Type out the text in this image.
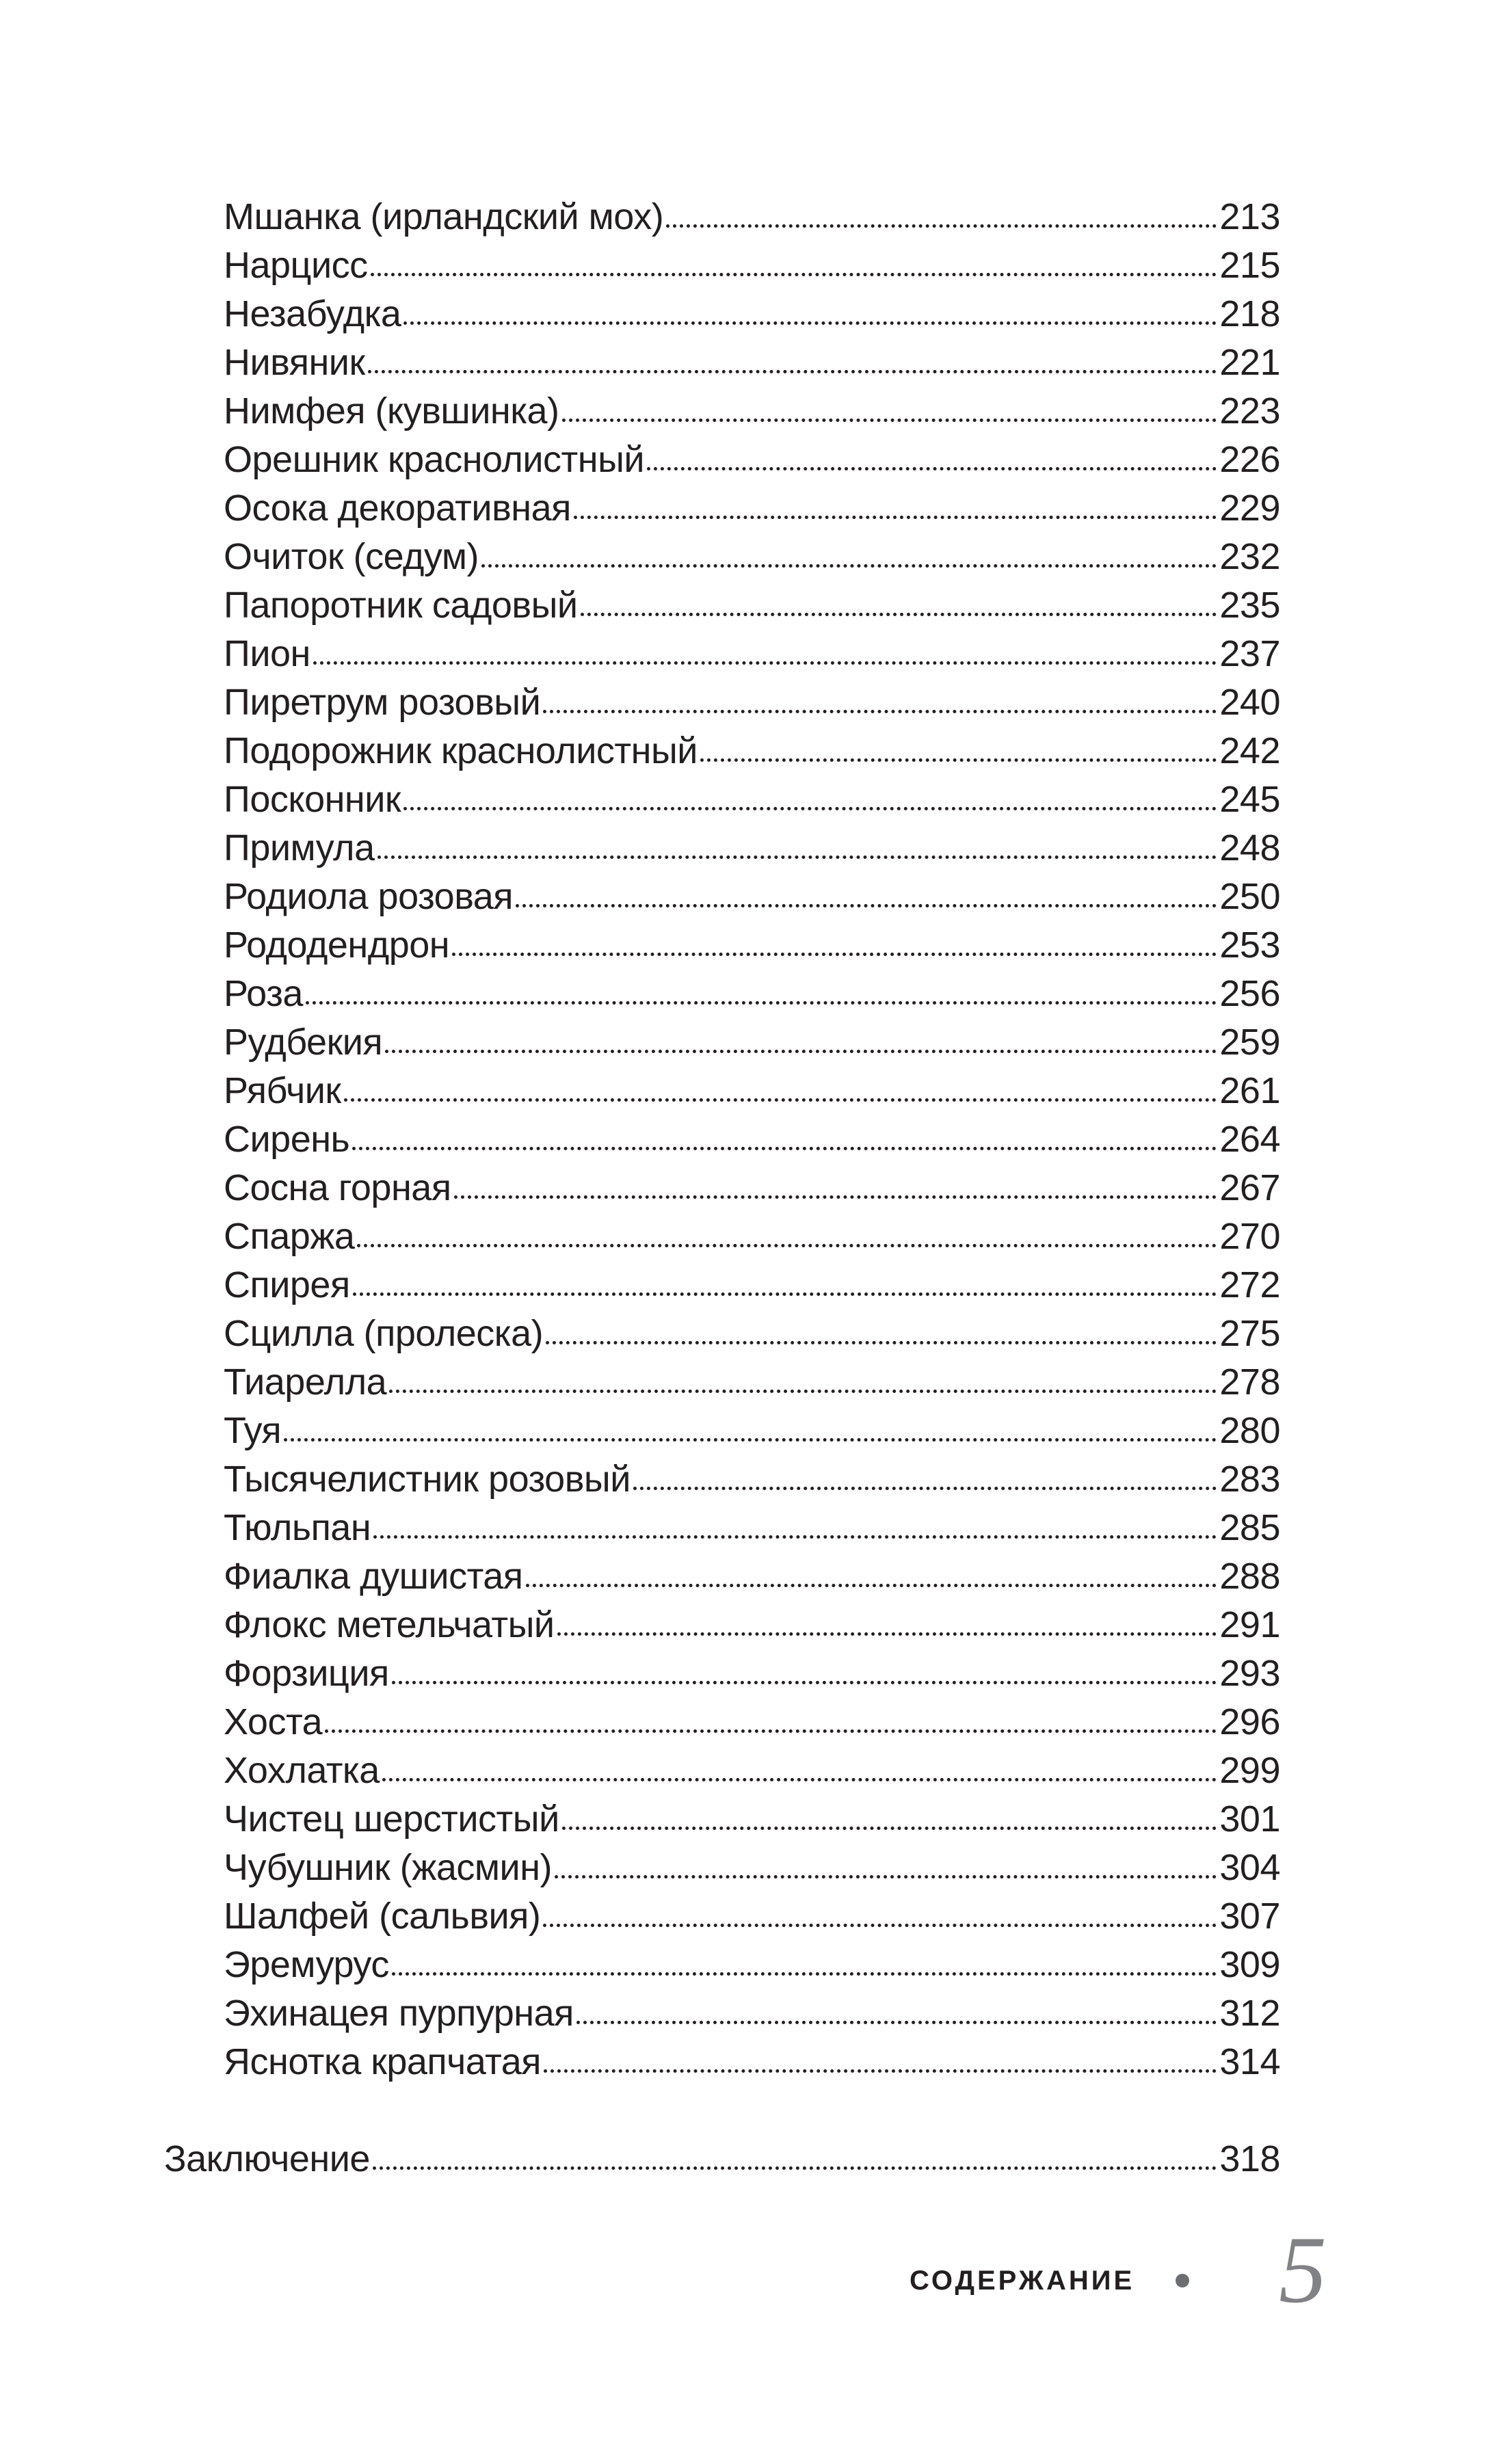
Мшанка (ирландский мох)	213
Нарцисс	215
Незабудка	218
Нивяник	221
Нимфея (кувшинка)	223
Орешник краснолистный	226
Осока декоративная	229
Очиток (седум)	232
Папоротник садовый	235
Пион	237
Пиретрум розовый	240
Подорожник краснолистный	242
Посконник	245
Примула	248
Родиола розовая	250
Рододендрон	253
Роза	256
Рудбекия	259
Рябчик	261
Сирень	264
Сосна горная	267
Спаржа	270
Спирея	272
Сцилла (пролеска)	275
Тиарелла	278
Туя	280
Тысячелистник розовый	283
Тюльпан	285
Фиалка душистая	288
Флокс метельчатый	291
Форзиция	293
Хоста	296
Хохлатка	299
Чистец шерстистый	301
Чубушник (жасмин)	304
Шалфей (сальвия)	307
Эремурус	309
Эхинацея пурпурная	312
Яснотка крапчатая	314
Заключение	318
СОДЕРЖАНИЕ 5
